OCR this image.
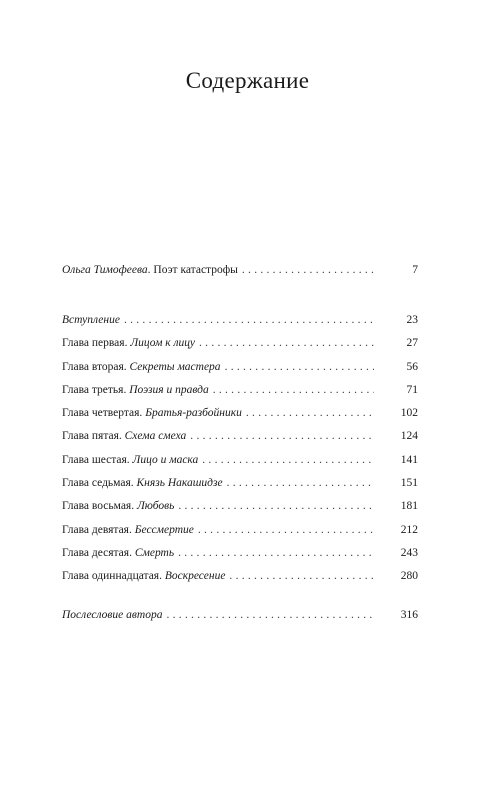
Содержание
Ольга Тимофеева. Поэт катастрофы . . .	7
Вступление . . .	23
Глава первая. Лицом к лицу . . .	27
Глава вторая. Секреты мастера . . .	56
Глава третья. Поэзия и правда . . .	71
Глава четвертая. Братья-разбойники . . .	102
Глава пятая. Схема смеха . . .	124
Глава шестая. Лицо и маска . . .	141
Глава седьмая. Князь Накашидзе . . .	151
Глава восьмая. Любовь . . .	181
Глава девятая. Бессмертие . . .	212
Глава десятая. Смерть . . .	243
Глава одиннадцатая. Воскресение . . .	280
Послесловие автора . . .	316
